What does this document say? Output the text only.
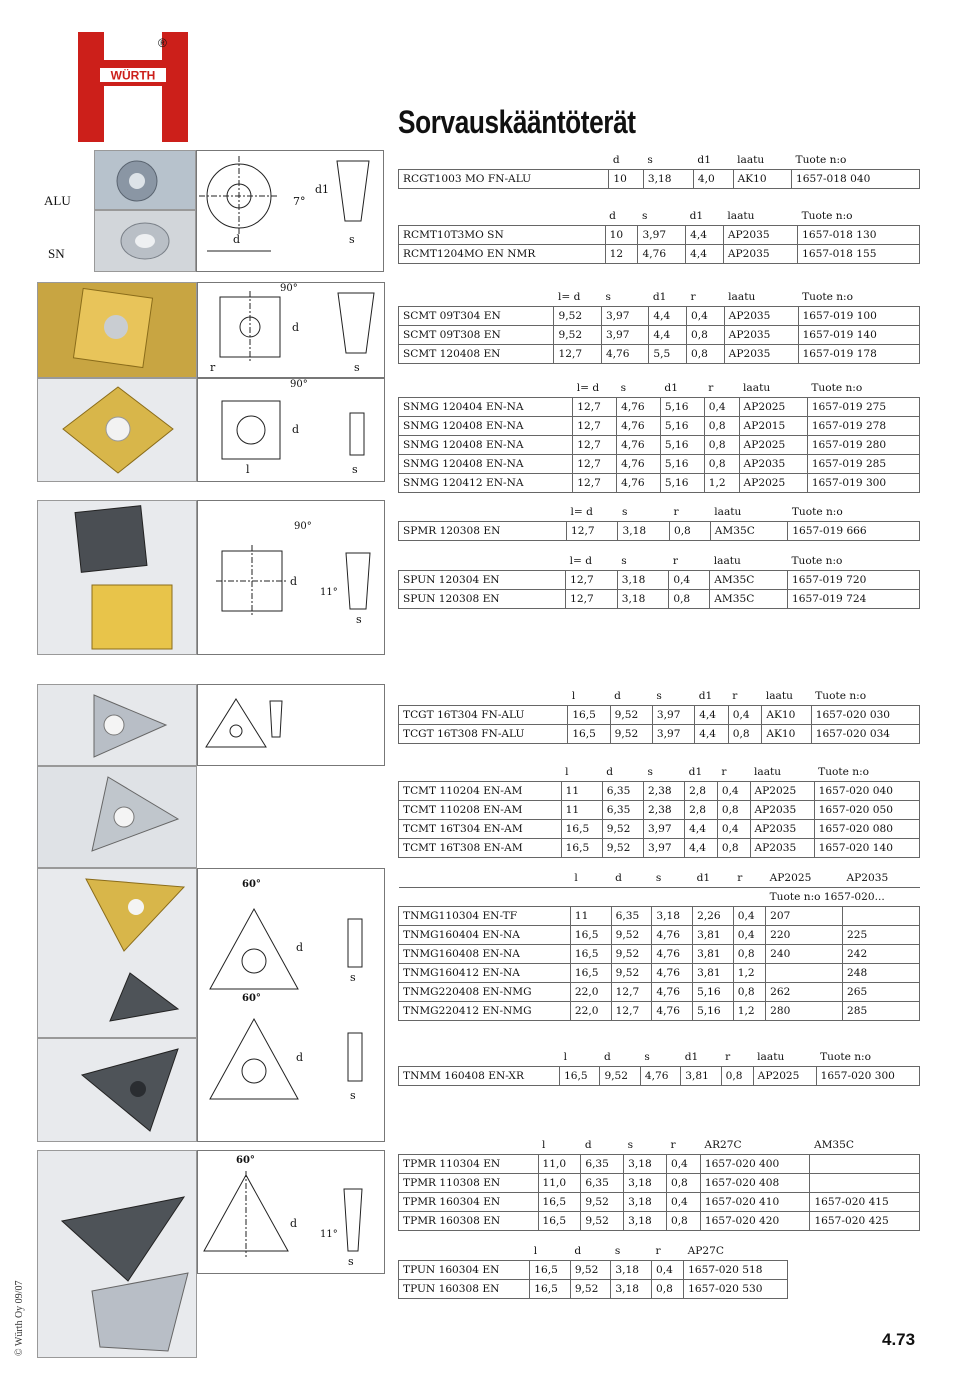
WÜRTH
®
Sorvauskääntöterät
ALU
SN
d	s
d1
7°
90°
d
s
r
90°
d
s
l
90°
d
11°
s
60°
60°
d
d
s
s
60°
d
11°
s
	d	s	d1	laatu	Tuote n:o
RCGT1003 MO FN-ALU	10	3,18	4,0	AK10	1657-018 040
	d	s	d1	laatu	Tuote n:o
RCMT10T3MO SN	10	3,97	4,4	AP2035	1657-018 130
RCMT1204MO EN NMR	12	4,76	4,4	AP2035	1657-018 155
	l= d	s	d1	r	laatu	Tuote n:o
SCMT 09T304 EN	9,52	3,97	4,4	0,4	AP2035	1657-019 100
SCMT 09T308 EN	9,52	3,97	4,4	0,8	AP2035	1657-019 140
SCMT 120408 EN	12,7	4,76	5,5	0,8	AP2035	1657-019 178
	l= d	s	d1	r	laatu	Tuote n:o
SNMG 120404 EN-NA	12,7	4,76	5,16	0,4	AP2025	1657-019 275
SNMG 120408 EN-NA	12,7	4,76	5,16	0,8	AP2015	1657-019 278
SNMG 120408 EN-NA	12,7	4,76	5,16	0,8	AP2025	1657-019 280
SNMG 120408 EN-NA	12,7	4,76	5,16	0,8	AP2035	1657-019 285
SNMG 120412 EN-NA	12,7	4,76	5,16	1,2	AP2025	1657-019 300
	l= d	s	r	laatu	Tuote n:o
SPMR 120308 EN	12,7	3,18	0,8	AM35C	1657-019 666
	l= d	s	r	laatu	Tuote n:o
SPUN 120304 EN	12,7	3,18	0,4	AM35C	1657-019 720
SPUN 120308 EN	12,7	3,18	0,8	AM35C	1657-019 724
	l	d	s	d1	r	laatu	Tuote n:o
TCGT 16T304 FN-ALU	16,5	9,52	3,97	4,4	0,4	AK10	1657-020 030
TCGT 16T308 FN-ALU	16,5	9,52	3,97	4,4	0,8	AK10	1657-020 034
	l	d	s	d1	r	laatu	Tuote n:o
TCMT 110204 EN-AM	11	6,35	2,38	2,8	0,4	AP2025	1657-020 040
TCMT 110208 EN-AM	11	6,35	2,38	2,8	0,8	AP2035	1657-020 050
TCMT 16T304 EN-AM	16,5	9,52	3,97	4,4	0,4	AP2035	1657-020 080
TCMT 16T308 EN-AM	16,5	9,52	3,97	4,4	0,8	AP2035	1657-020 140
	l	d	s	d1	r	AP2025	AP2035
						Tuote n:o 1657-020...	
TNMG110304 EN-TF	11	6,35	3,18	2,26	0,4	207	
TNMG160404 EN-NA	16,5	9,52	4,76	3,81	0,4	220	225
TNMG160408 EN-NA	16,5	9,52	4,76	3,81	0,8	240	242
TNMG160412 EN-NA	16,5	9,52	4,76	3,81	1,2		248
TNMG220408 EN-NMG	22,0	12,7	4,76	5,16	0,8	262	265
TNMG220412 EN-NMG	22,0	12,7	4,76	5,16	1,2	280	285
	l	d	s	d1	r	laatu	Tuote n:o
TNMM 160408 EN-XR	16,5	9,52	4,76	3,81	0,8	AP2025	1657-020 300
	l	d	s	r	AR27C	AM35C
TPMR 110304 EN	11,0	6,35	3,18	0,4	1657-020 400	
TPMR 110308 EN	11,0	6,35	3,18	0,8	1657-020 408	
TPMR 160304 EN	16,5	9,52	3,18	0,4	1657-020 410	1657-020 415
TPMR 160308 EN	16,5	9,52	3,18	0,8	1657-020 420	1657-020 425
	l	d	s	r	AP27C
TPUN 160304 EN	16,5	9,52	3,18	0,4	1657-020 518
TPUN 160308 EN	16,5	9,52	3,18	0,8	1657-020 530
4.73
© Würth Oy 09/07
